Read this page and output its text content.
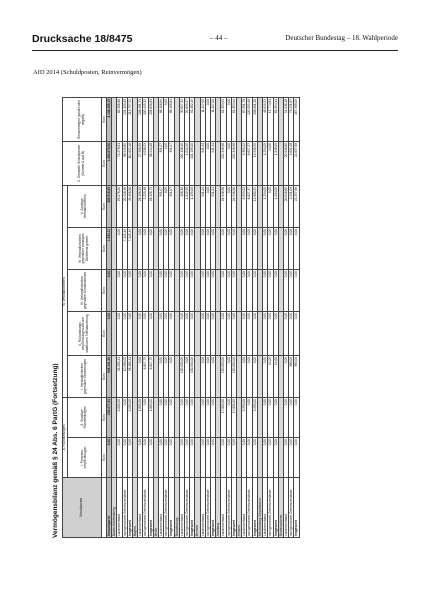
Drucksache 18/8475	– 44 –	Deutscher Bundestag – 18. Wahlperiode
AfD 2014 (Schuldposten, Reinvermögen)
Vermögensbilanz gemäß § 24 Abs. 6 PartG (Fortsetzung)	Schuldposten	A. Rückstellungen		B. Verbindlichkeiten					C. Gesamte Schuldposten (Summe A und B)	Reinvermögen (positiv oder negativ)
	I. Pensions-verpflichtungen	II. Sonstige Rückstellungen	I. Verbindlichkeiten gegenüber Gliederungen	II. Rückzahlungs-verpflichtungen aus der staatlichen Teilfinanzierung	III. Verbindlichkeiten gegenüber Kreditinstituten	IV. Verbindlichkeiten gegenüber sonstigen Darlehens-gebern	V. Sonstige Verbindlichkeiten		
	Euro	Euro	Euro	Euro	Euro	Euro	Euro	Euro	Euro
Gesamtpartei	0,00	203.077,93	806.341,90	0,00	0,00	1.932,11	439.518,56	1.430.870,50	4.138.295,19
Baden-Württemberg									
Landesverband	0,00	2.000,00	45.200,41	0,00	0,00	0,00	25.078,20	72.278,61	82.566,88
nachgeordnete Gebietsverbände	0,00	0,00	10.980,00	0,00	0,00	7.145,49	20.418,36	38.543,85	131.190,65
Insgesamt	0,00	2.000,00	56.180,41	0,00	0,00	7.145,49	45.496,56	110.822,46	213.757,53
Bayern									
Landesverband	0,00	1.800,00	0,00	0,00	0,00	0,00	26.106,25	27.906,25	106.481,31
nachgeordnete Gebietsverbände	0,00	0,00	6.817,75	0,00	0,00	0,00	2.220,48	9.038,23	100.415,32
Insgesamt	0,00	1.800,00	6.817,75	0,00	0,00	0,00	28.326,73	36.944,48	206.896,63
Berlin									
Landesverband	0,00	0,00	0,00	0,00	0,00	0,00	391,07	391,07	88.106,84
nachgeordnete Gebietsverbände	0,00	0,00	0,00	0,00	0,00	0,00	0,00	0,00	0,00
Insgesamt	0,00	0,00	0,00	0,00	0,00	0,00	391,07	391,07	88.106,84
Brandenburg									
Landesverband	0,00	0,00	100.000,00	0,00	0,00	0,00	126,10	100.126,10	30.607,32
nachgeordnete Gebietsverbände	0,00	0,00	0,00	0,00	0,00	0,00	1.012,90	1.012,90	20.855,17
Insgesamt	0,00	0,00	100.000,00	0,00	0,00	0,00	1.139,00	101.139,00	51.462,49
Bremen									
Landesverband	0,00	0,00	0,00	0,00	0,00	0,00	941,24	941,24	11.117,09
nachgeordnete Gebietsverbände	0,00	0,00	0,00	0,00	0,00	0,00	0,00	0,00	0,00
Insgesamt	0,00	0,00	0,00	0,00	0,00	0,00	941,24	941,24	11.117,09
Hamburg									
Landesverband	0,00	17.800,00	150.000,00	0,00	0,00	0,00	24.546,56	192.346,56	62.353,94
nachgeordnete Gebietsverbände	0,00	0,00	0,00	0,00	0,00	0,00	0,00	0,00	0,00
Insgesamt	0,00	17.800,00	150.000,00	0,00	0,00	0,00	24.546,56	192.346,56	62.353,94
Hessen									
Landesverband	0,00	3.250,00	0,00	0,00	0,00	0,00	6.053,22	9.303,22	87.501,78
nachgeordnete Gebietsverbände	0,00	0,00	0,00	0,00	0,00	0,00	6.627,37	6.627,37	120.559,48
Insgesamt	0,00	3.250,00	0,00	0,00	0,00	0,00	12.680,59	15.930,59	208.061,26
Mecklenburg-Vorpommern									
Landesverband	0,00	0,00	0,00	0,00	0,00	0,00	1.234,05	1.234,05	48.619,33
nachgeordnete Gebietsverbände	0,00	0,00	14,00	0,00	0,00	0,00	0,00	14,00	13.774,81
Insgesamt	0,00	0,00	14,00	0,00	0,00	0,00	1.234,05	1.248,05	62.394,14
Niedersachsen									
Landesverband	0,00	0,00	0,00	0,00	0,00	0,00	20.016,60	20.016,60	94.036,18
nachgeordnete Gebietsverbände	0,00	0,00	380,00	0,00	0,00	0,00	2.241,08	2.621,08	73.931,87
Insgesamt	0,00	0,00	380,00	0,00	0,00	0,00	22.257,68	22.637,68	167.968,05
